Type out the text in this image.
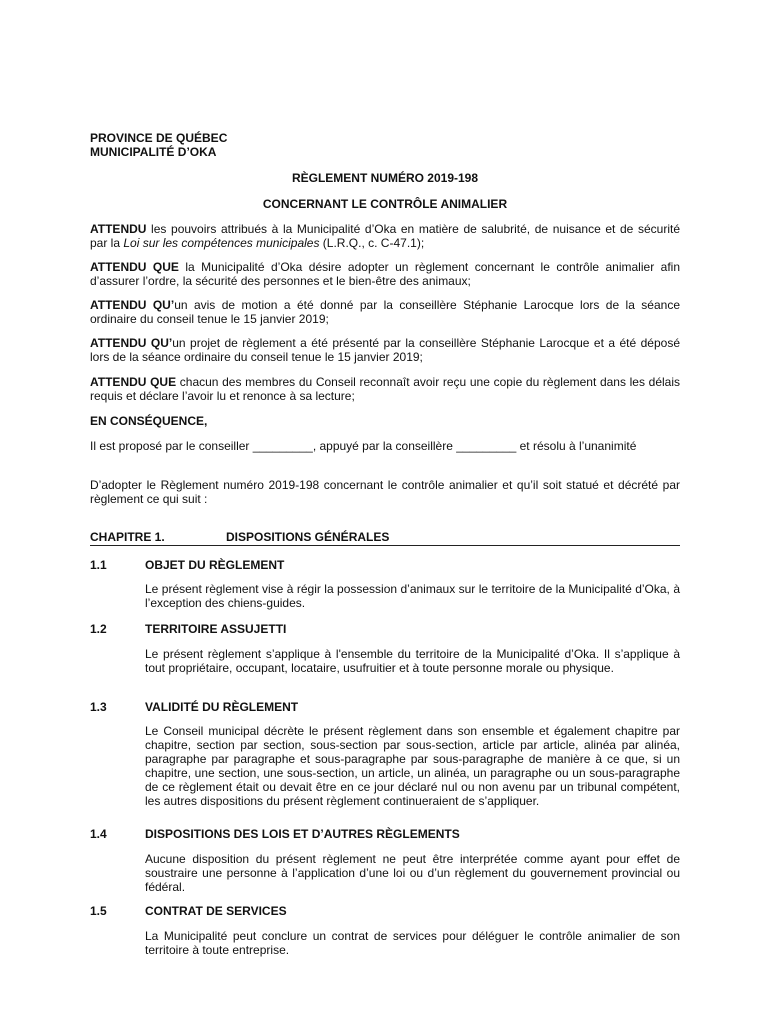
PROVINCE DE QUÉBEC
MUNICIPALITÉ D’OKA
RÈGLEMENT NUMÉRO 2019-198
CONCERNANT LE CONTRÔLE ANIMALIER
ATTENDU les pouvoirs attribués à la Municipalité d’Oka en matière de salubrité, de nuisance et de sécurité par la Loi sur les compétences municipales (L.R.Q., c. C-47.1);
ATTENDU QUE la Municipalité d’Oka désire adopter un règlement concernant le contrôle animalier afin d’assurer l’ordre, la sécurité des personnes et le bien-être des animaux;
ATTENDU QU’un avis de motion a été donné par la conseillère Stéphanie Larocque lors de la séance ordinaire du conseil tenue le 15 janvier 2019;
ATTENDU QU’un projet de règlement a été présenté par la conseillère Stéphanie Larocque et a été déposé lors de la séance ordinaire du conseil tenue le 15 janvier 2019;
ATTENDU QUE chacun des membres du Conseil reconnaît avoir reçu une copie du règlement dans les délais requis et déclare l’avoir lu et renonce à sa lecture;
EN CONSÉQUENCE,
Il est proposé par le conseiller _________, appuyé par la conseillère _________ et résolu à l’unanimité
D’adopter le Règlement numéro 2019-198 concernant le contrôle animalier et qu’il soit statué et décrété par règlement ce qui suit :
CHAPITRE 1.	DISPOSITIONS GÉNÉRALES
1.1	OBJET DU RÈGLEMENT
Le présent règlement vise à régir la possession d’animaux sur le territoire de la Municipalité d’Oka, à l’exception des chiens-guides.
1.2	TERRITOIRE ASSUJETTI
Le présent règlement s’applique à l'ensemble du territoire de la Municipalité d’Oka. Il s’applique à tout propriétaire, occupant, locataire, usufruitier et à toute personne morale ou physique.
1.3	VALIDITÉ DU RÈGLEMENT
Le Conseil municipal décrète le présent règlement dans son ensemble et également chapitre par chapitre, section par section, sous-section par sous-section, article par article, alinéa par alinéa, paragraphe par paragraphe et sous-paragraphe par sous-paragraphe de manière à ce que, si un chapitre, une section, une sous-section, un article, un alinéa, un paragraphe ou un sous-paragraphe de ce règlement était ou devait être en ce jour déclaré nul ou non avenu par un tribunal compétent, les autres dispositions du présent règlement continueraient de s’appliquer.
1.4	DISPOSITIONS DES LOIS ET D’AUTRES RÈGLEMENTS
Aucune disposition du présent règlement ne peut être interprétée comme ayant pour effet de soustraire une personne à l’application d’une loi ou d’un règlement du gouvernement provincial ou fédéral.
1.5	CONTRAT DE SERVICES
La Municipalité peut conclure un contrat de services pour déléguer le contrôle animalier de son territoire à toute entreprise.
